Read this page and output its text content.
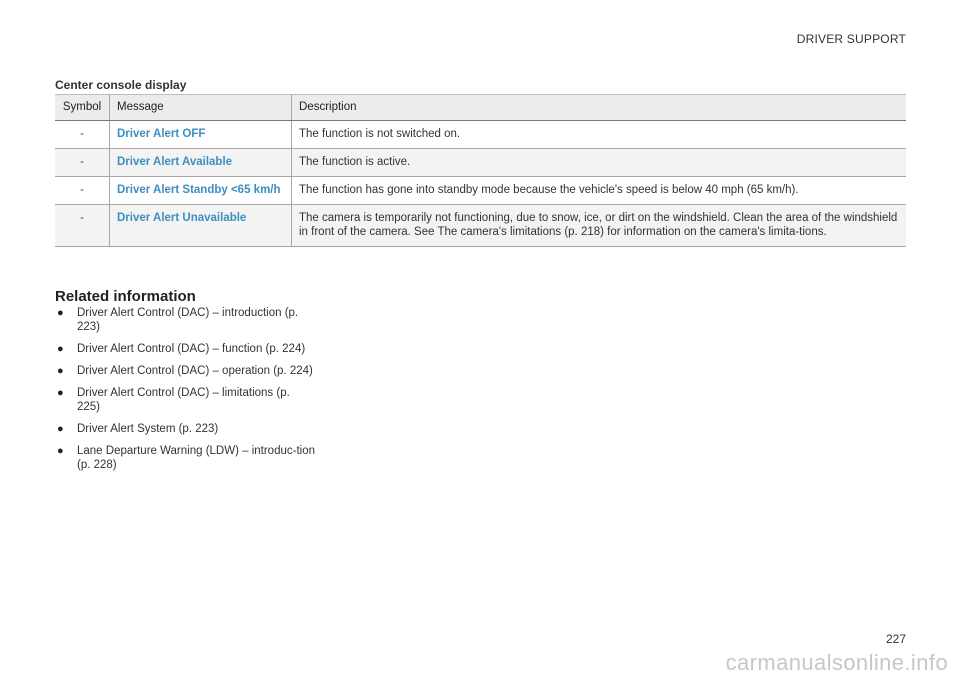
DRIVER SUPPORT
Center console display
Symbol	Message	Description
-	Driver Alert OFF	The function is not switched on.
-	Driver Alert Available	The function is active.
-	Driver Alert Standby <65 km/h	The function has gone into standby mode because the vehicle's speed is below 40 mph (65 km/h).
-	Driver Alert Unavailable	The camera is temporarily not functioning, due to snow, ice, or dirt on the windshield. Clean the area of the windshield in front of the camera. See The camera's limitations (p. 218) for information on the camera's limita-tions.
Related information
● Driver Alert Control (DAC) – introduction (p. 223)
● Driver Alert Control (DAC) – function (p. 224)
● Driver Alert Control (DAC) – operation (p. 224)
● Driver Alert Control (DAC) – limitations (p. 225)
● Driver Alert System (p. 223)
● Lane Departure Warning (LDW) – introduc-tion (p. 228)
227
carmanualsonline.info
